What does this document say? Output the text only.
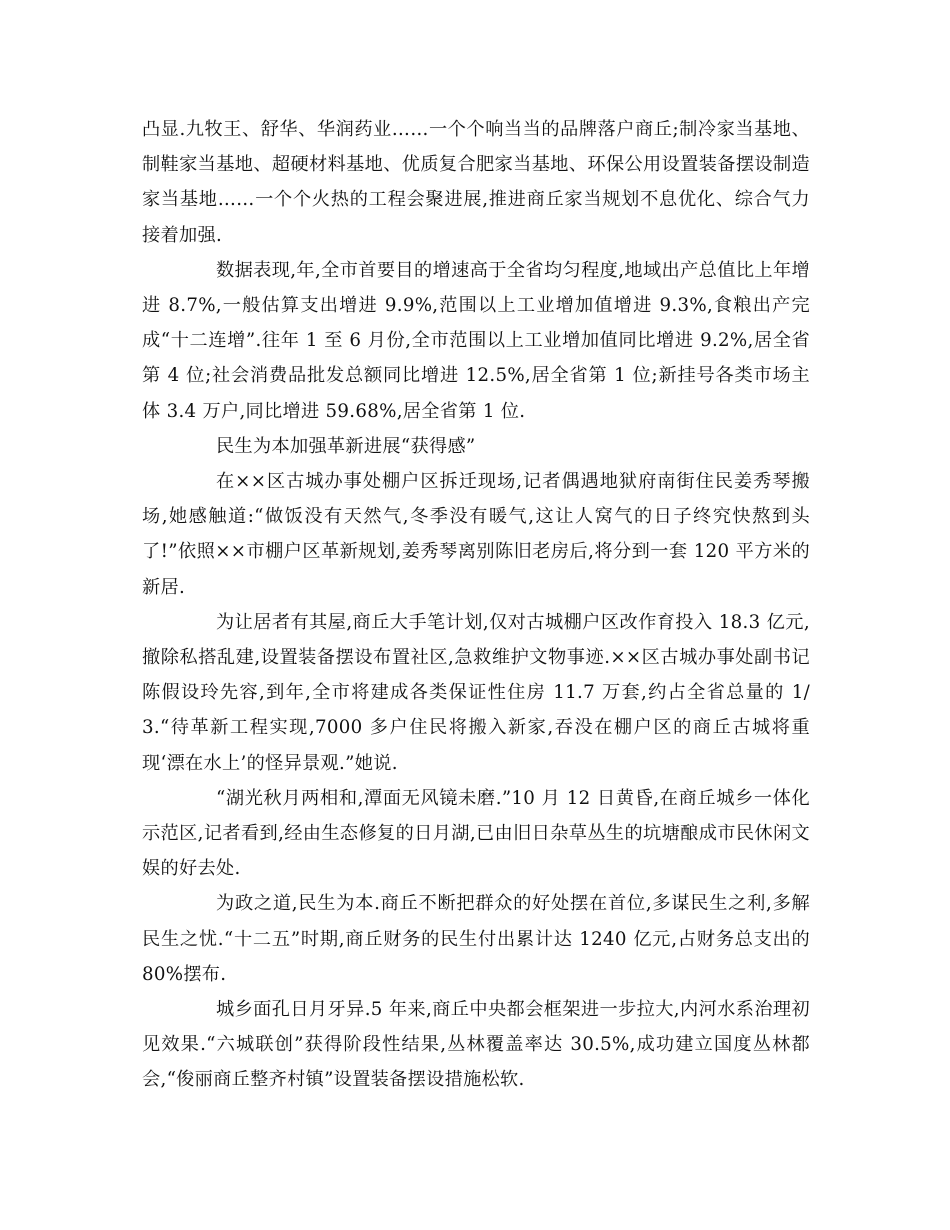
凸显.九牧王、舒华、华润药业……一个个响当当的品牌落户商丘;制冷家当基地、制鞋家当基地、超硬材料基地、优质复合肥家当基地、环保公用设置装备摆设制造家当基地……一个个火热的工程会聚进展,推进商丘家当规划不息优化、综合气力接着加强.

数据表现,年,全市首要目的增速高于全省均匀程度,地域出产总值比上年增进 8.7%,一般估算支出增进 9.9%,范围以上工业增加值增进 9.3%,食粮出产完成“十二连增”.往年 1 至 6 月份,全市范围以上工业增加值同比增进 9.2%,居全省第 4 位;社会消费品批发总额同比增进 12.5%,居全省第 1 位;新挂号各类市场主体 3.4 万户,同比增进 59.68%,居全省第 1 位.

民生为本加强革新进展“获得感”

在××区古城办事处棚户区拆迁现场,记者偶遇地狱府南街住民姜秀琴搬场,她感触道:“做饭没有天然气,冬季没有暖气,这让人窝气的日子终究快熬到头了!”依照××市棚户区革新规划,姜秀琴离别陈旧老房后,将分到一套 120 平方米的新居.

为让居者有其屋,商丘大手笔计划,仅对古城棚户区改作育投入 18.3 亿元,撤除私搭乱建,设置装备摆设布置社区,急救维护文物事迹.××区古城办事处副书记陈假设玲先容,到年,全市将建成各类保证性住房 11.7 万套,约占全省总量的 1/3.“待革新工程实现,7000 多户住民将搬入新家,吞没在棚户区的商丘古城将重现‘漂在水上’的怪异景观.”她说.

“湖光秋月两相和,潭面无风镜未磨.”10 月 12 日黄昏,在商丘城乡一体化示范区,记者看到,经由生态修复的日月湖,已由旧日杂草丛生的坑塘酿成市民休闲文娱的好去处.

为政之道,民生为本.商丘不断把群众的好处摆在首位,多谋民生之利,多解民生之忧.“十二五”时期,商丘财务的民生付出累计达 1240 亿元,占财务总支出的 80%摆布.

城乡面孔日月牙异.5 年来,商丘中央都会框架进一步拉大,内河水系治理初见效果.“六城联创”获得阶段性结果,丛林覆盖率达 30.5%,成功建立国度丛林都会,“俊丽商丘整齐村镇”设置装备摆设措施松软.
